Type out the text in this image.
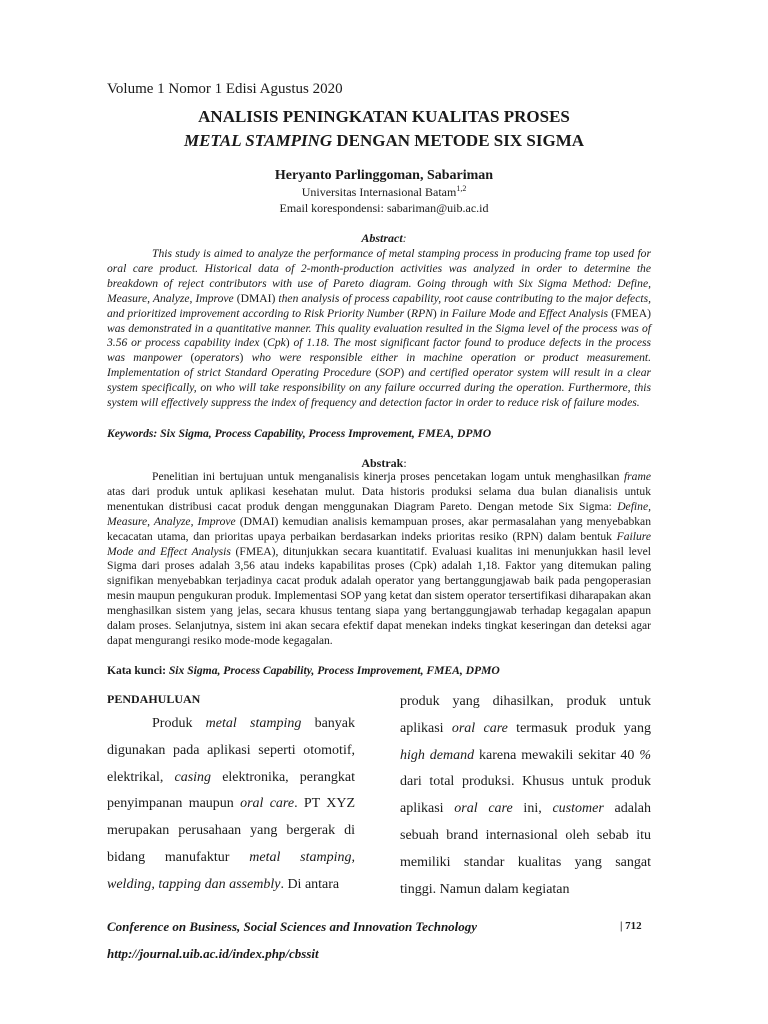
Volume 1 Nomor 1 Edisi Agustus 2020
ANALISIS PENINGKATAN KUALITAS PROSES
METAL STAMPING DENGAN METODE SIX SIGMA
Heryanto Parlinggoman, Sabariman
Universitas Internasional Batam$^{1,2}$
Email korespondensi: sabariman@uib.ac.id
Abstract:

This study is aimed to analyze the performance of metal stamping process in producing frame top used for oral care product. Historical data of 2-month-production activities was analyzed in order to determine the breakdown of reject contributors with use of Pareto diagram. Going through with Six Sigma Method: Define, Measure, Analyze, Improve (DMAI) then analysis of process capability, root cause contributing to the major defects, and prioritized improvement according to Risk Priority Number (RPN) in Failure Mode and Effect Analysis (FMEA) was demonstrated in a quantitative manner. This quality evaluation resulted in the Sigma level of the process was of 3.56 or process capability index (Cpk) of 1.18. The most significant factor found to produce defects in the process was manpower (operators) who were responsible either in machine operation or product measurement. Implementation of strict Standard Operating Procedure (SOP) and certified operator system will result in a clear system specifically, on who will take responsibility on any failure occurred during the operation. Furthermore, this system will effectively suppress the index of frequency and detection factor in order to reduce risk of failure modes.

Keywords: Six Sigma, Process Capability, Process Improvement, FMEA, DPMO
Abstrak:

Penelitian ini bertujuan untuk menganalisis kinerja proses pencetakan logam untuk menghasilkan frame atas dari produk untuk aplikasi kesehatan mulut. Data historis produksi selama dua bulan dianalisis untuk menentukan distribusi cacat produk dengan menggunakan Diagram Pareto. Dengan metode Six Sigma: Define, Measure, Analyze, Improve (DMAI) kemudian analisis kemampuan proses, akar permasalahan yang menyebabkan kecacatan utama, dan prioritas upaya perbaikan berdasarkan indeks prioritas resiko (RPN) dalam bentuk Failure Mode and Effect Analysis (FMEA), ditunjukkan secara kuantitatif. Evaluasi kualitas ini menunjukkan hasil level Sigma dari proses adalah 3,56 atau indeks kapabilitas proses (Cpk) adalah 1,18. Faktor yang ditemukan paling signifikan menyebabkan terjadinya cacat produk adalah operator yang bertanggungjawab baik pada pengoperasian mesin maupun pengukuran produk. Implementasi SOP yang ketat dan sistem operator tersertifikasi diharapakan akan menghasilkan sistem yang jelas, secara khusus tentang siapa yang bertanggungjawab terhadap kegagalan apapun dalam proses. Selanjutnya, sistem ini akan secara efektif dapat menekan indeks tingkat keseringan dan deteksi agar dapat mengurangi resiko mode-mode kegagalan.

Kata kunci: Six Sigma, Process Capability, Process Improvement, FMEA, DPMO
PENDAHULUAN

Produk metal stamping banyak digunakan pada aplikasi seperti otomotif, elektrikal, casing elektronika, perangkat penyimpanan maupun oral care. PT XYZ merupakan perusahaan yang bergerak di bidang manufaktur metal stamping, welding, tapping dan assembly. Di antara

produk yang dihasilkan, produk untuk aplikasi oral care termasuk produk yang high demand karena mewakili sekitar 40 % dari total produksi. Khusus untuk produk aplikasi oral care ini, customer adalah sebuah brand internasional oleh sebab itu memiliki standar kualitas yang sangat tinggi. Namun dalam kegiatan

Conference on Business, Social Sciences and Innovation Technology	| 712
http://journal.uib.ac.id/index.php/cbssit
